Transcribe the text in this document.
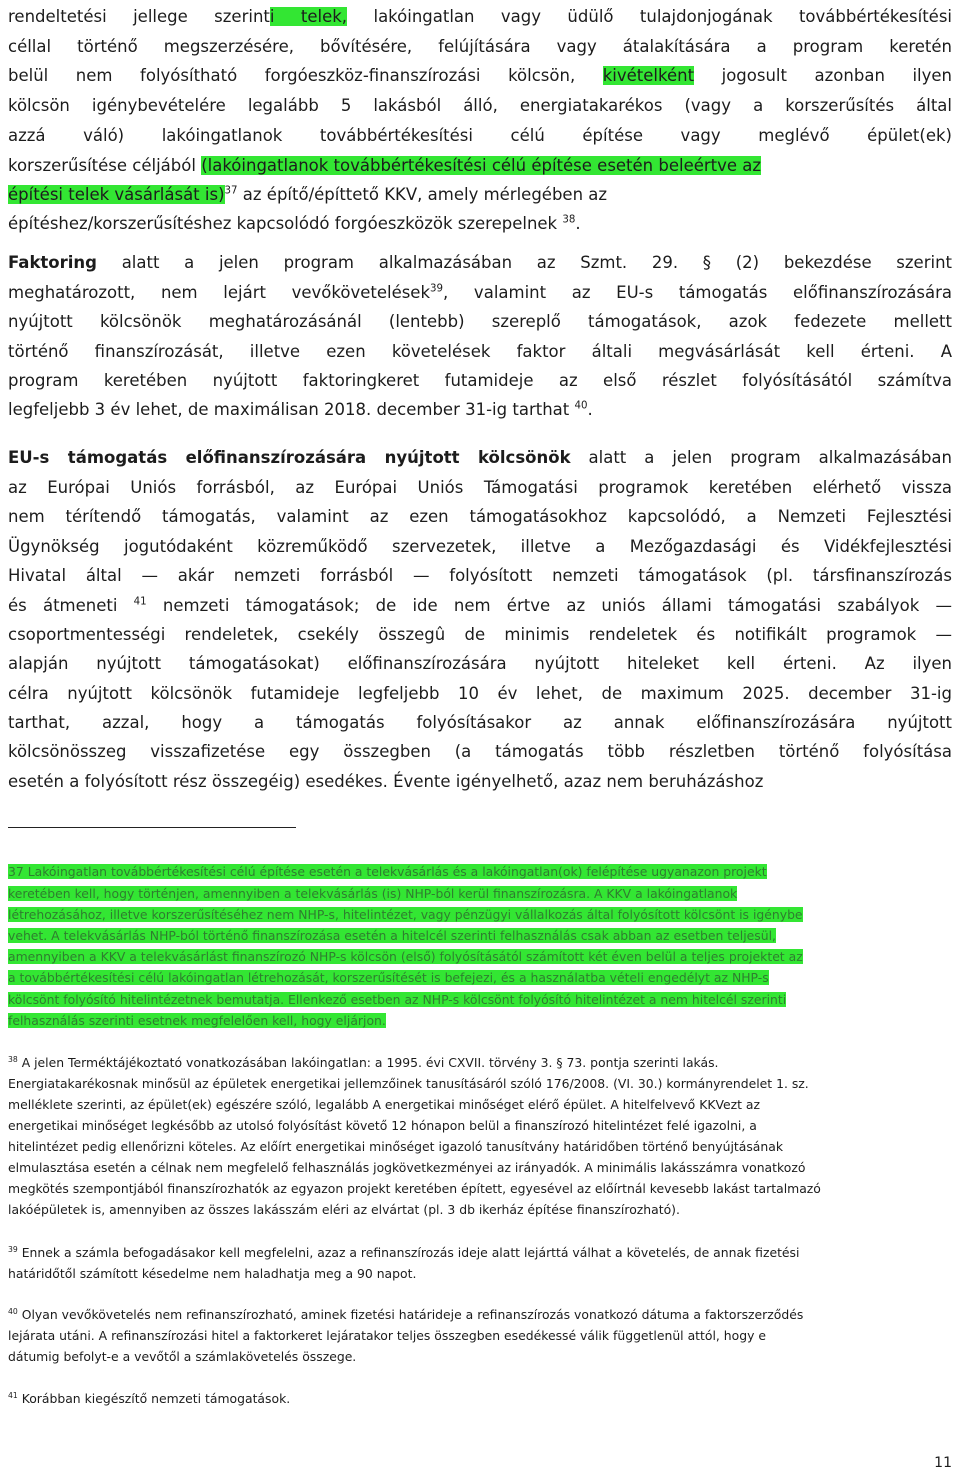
rendeltetési jellege szerinti telek, lakóingatlan vagy üdülő tulajdonjogának továbbértékesítési
céllal történő megszerzésére, bővítésére, felújítására vagy átalakítására a program keretén
belül nem folyósítható forgóeszköz-finanszírozási kölcsön, kivételként jogosult azonban ilyen
kölcsön igénybevételére legalább 5 lakásból álló, energiatakarékos (vagy a korszerűsítés által
azzá váló) lakóingatlanok továbbértékesítési célú építése vagy meglévő épület(ek)
korszerűsítése céljából (lakóingatlanok továbbértékesítési célú építése esetén beleértve az
építési telek vásárlását is)$^{37}$ az építő/építtető KKV, amely mérlegében az
építéshez/korszerűsítéshez kapcsolódó forgóeszközök szerepelnek $^{38}$.
Faktoring alatt a jelen program alkalmazásában az Szmt. 29. § (2) bekezdése szerint
meghatározott, nem lejárt vevőkövetelések$^{39}$, valamint az EU-s támogatás előfinanszírozására
nyújtott kölcsönök meghatározásánál (lentebb) szereplő támogatások, azok fedezete mellett
történő finanszírozását, illetve ezen követelések faktor általi megvásárlását kell érteni. A
program keretében nyújtott faktoringkeret futamideje az első részlet folyósításától számítva
legfeljebb 3 év lehet, de maximálisan 2018. december 31-ig tarthat $^{40}$.
EU-s támogatás előfinanszírozására nyújtott kölcsönök alatt a jelen program alkalmazásában
az Európai Uniós forrásból, az Európai Uniós Támogatási programok keretében elérhető vissza
nem térítendő támogatás, valamint az ezen támogatásokhoz kapcsolódó, a Nemzeti Fejlesztési
Ügynökség jogutódaként közreműködő szervezetek, illetve a Mezőgazdasági és Vidékfejlesztési
Hivatal által — akár nemzeti forrásból — folyósított nemzeti támogatások (pl. társfinanszírozás
és átmeneti $^{41}$ nemzeti támogatások; de ide nem értve az uniós állami támogatási szabályok —
csoportmentességi rendeletek, csekély összegû de minimis rendeletek és notifikált programok —
alapján nyújtott támogatásokat) előfinanszírozására nyújtott hiteleket kell érteni. Az ilyen
célra nyújtott kölcsönök futamideje legfeljebb 10 év lehet, de maximum 2025. december 31-ig
tarthat, azzal, hogy a támogatás folyósításakor az annak előfinanszírozására nyújtott
kölcsönösszeg visszafizetése egy összegben (a támogatás több részletben történő folyósítása
esetén a folyósított rész összegéig) esedékes. Évente igényelhető, azaz nem beruházáshoz
37 Lakóingatlan továbbértékesítési célú építése esetén a telekvásárlás és a lakóingatlan(ok) felépítése ugyanazon projekt
keretében kell, hogy történjen, amennyiben a telekvásárlás (is) NHP-ból kerül finanszírozásra. A KKV a lakóingatlanok
létrehozásához, illetve korszerűsítéséhez nem NHP-s, hitelintézet, vagy pénzügyi vállalkozás által folyósított kölcsönt is igénybe
vehet. A telekvásárlás NHP-ból történő finanszírozása esetén a hitelcél szerinti felhasználás csak abban az esetben teljesül,
amennyiben a KKV a telekvásárlást finanszírozó NHP-s kölcsön (első) folyósításától számított két éven belül a teljes projektet az
a továbbértékesítési célú lakóingatlan létrehozását, korszerűsítését is befejezi, és a használatba vételi engedélyt az NHP-s
kölcsönt folyósító hitelintézetnek bemutatja. Ellenkező esetben az NHP-s kölcsönt folyósító hitelintézet a nem hitelcél szerinti
felhasználás szerinti esetnek megfelelően kell, hogy eljárjon.
$^{38}$ A jelen Terméktájékoztató vonatkozásában lakóingatlan: a 1995. évi CXVII. törvény 3. § 73. pontja szerinti lakás.
Energiatakarékosnak minősül az épületek energetikai jellemzőinek tanusításáról szóló 176/2008. (VI. 30.) kormányrendelet 1. sz.
melléklete szerinti, az épület(ek) egészére szóló, legalább A energetikai minőséget elérő épület. A hitelfelvevő KKVezt az
energetikai minőséget legkésőbb az utolsó folyósítást követő 12 hónapon belül a finanszírozó hitelintézet felé igazolni, a
hitelintézet pedig ellenőrizni köteles. Az előírt energetikai minőséget igazoló tanusítvány határidőben történő benyújtásának
elmulasztása esetén a célnak nem megfelelő felhasználás jogkövetkezményei az irányadók. A minimális lakásszámra vonatkozó
megkötés szempontjából finanszírozhatók az egyazon projekt keretében épített, egyesével az előírtnál kevesebb lakást tartalmazó
lakóépületek is, amennyiben az összes lakásszám eléri az elvártat (pl. 3 db ikerház építése finanszírozható).
$^{39}$ Ennek a számla befogadásakor kell megfelelni, azaz a refinanszírozás ideje alatt lejárttá válhat a követelés, de annak fizetési
határidőtől számított késedelme nem haladhatja meg a 90 napot.
$^{40}$ Olyan vevőkövetelés nem refinanszírozható, aminek fizetési határideje a refinanszírozás vonatkozó dátuma a faktorszerződés
lejárata utáni. A refinanszírozási hitel a faktorkeret lejáratakor teljes összegben esedékessé válik függetlenül attól, hogy e
dátumig befolyt-e a vevőtől a számlakövetelés összege.
$^{41}$ Korábban kiegészítő nemzeti támogatások.
11
